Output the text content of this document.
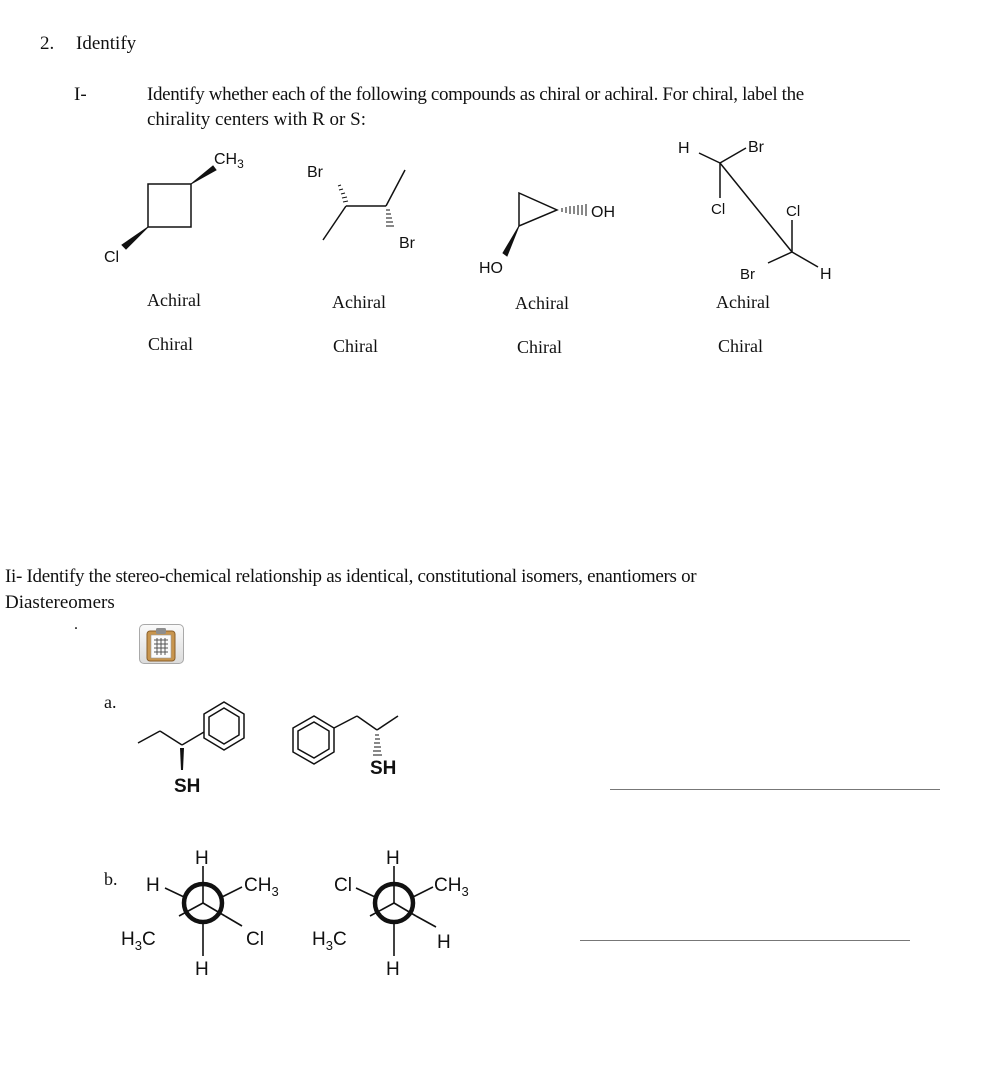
2. Identify
I-	Identify whether each of the following compounds as chiral or achiral. For chiral, label the
chirality centers with R or S:
Achiral
Chiral
Achiral
Chiral
Achiral
Chiral
Achiral
Chiral
Ii- Identify the stereo-chemical relationship as identical, constitutional isomers, enantiomers or
Diastereomers
.
a.
b.
$CH_3$
Cl
Br
Br
OH
HO
H	Br
Cl	Cl
Br	H
SH
SH
H
H	$CH_3$
$H_3C$	Cl
H
H
Cl	$CH_3$
$H_3C$	H
H
